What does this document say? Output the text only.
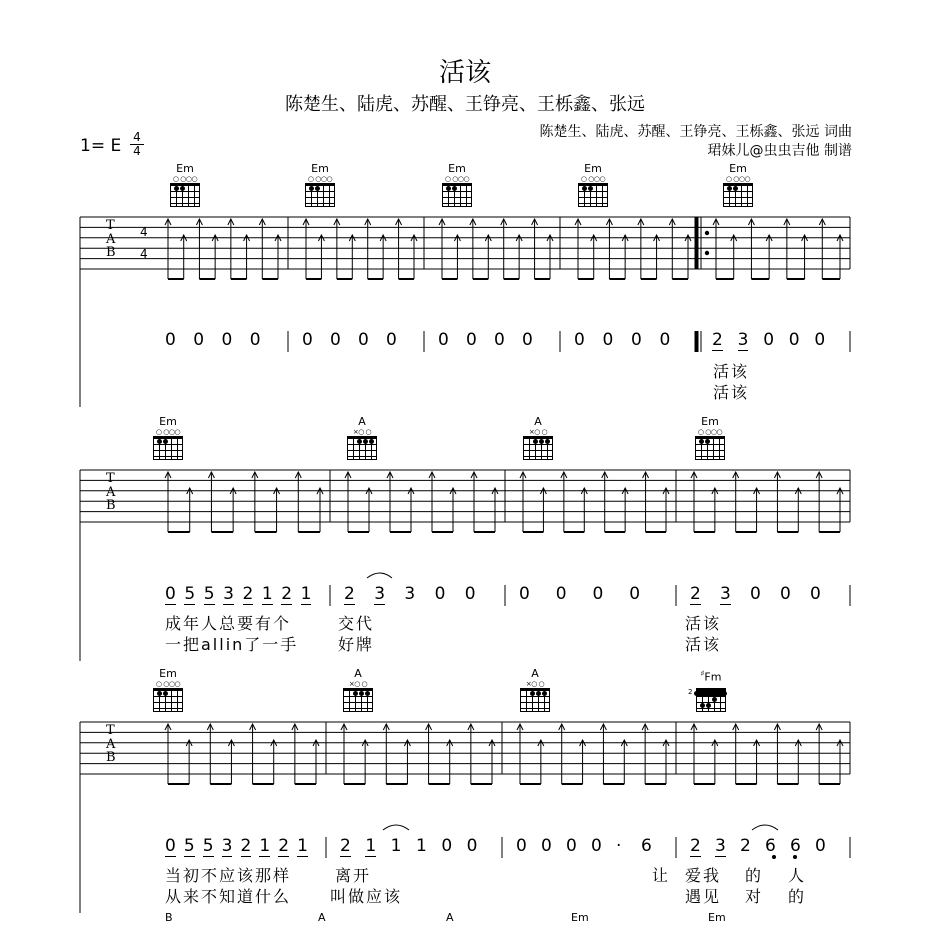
活该
陈楚生、陆虎、苏醒、王铮亮、王栎鑫、张远
陈楚生、陆虎、苏醒、王铮亮、王栎鑫、张远 词曲
珺妹儿@虫虫吉他 制谱
1= E 4
4
T
A
B
4
4
Em
○ ○○○
Em
○ ○○○
Em
○ ○○○
Em
○ ○○○
Em
○ ○○○
0 0 0 0 0 0 0 0 0 0 0 0 0 0 0 0 2 3 0 0 0
活该
活该
T
A
B
Em
○ ○○○
A
×○ ○
A
×○ ○
Em
○ ○○○
0 5 5 3 2 1 2 1 2 3 3 0 0	0 0 0 0	2 3 0 0 0
成年人总要有个	交代	活该
一把allin了一手 好牌	活该
T
A
B
Em
○ ○○○
A
×○ ○
A
×○ ○
♯Fm
2
0 5 5 3 2 1 2 1 2 1 1 1 0 0 0 0 0 0 · 6 2 3 2 6 6 0
当初不应该那样	离开	让 爱我 的 人
从来不知道什么 叫做应该	遇见 对 的
B	A	A	Em	Em
